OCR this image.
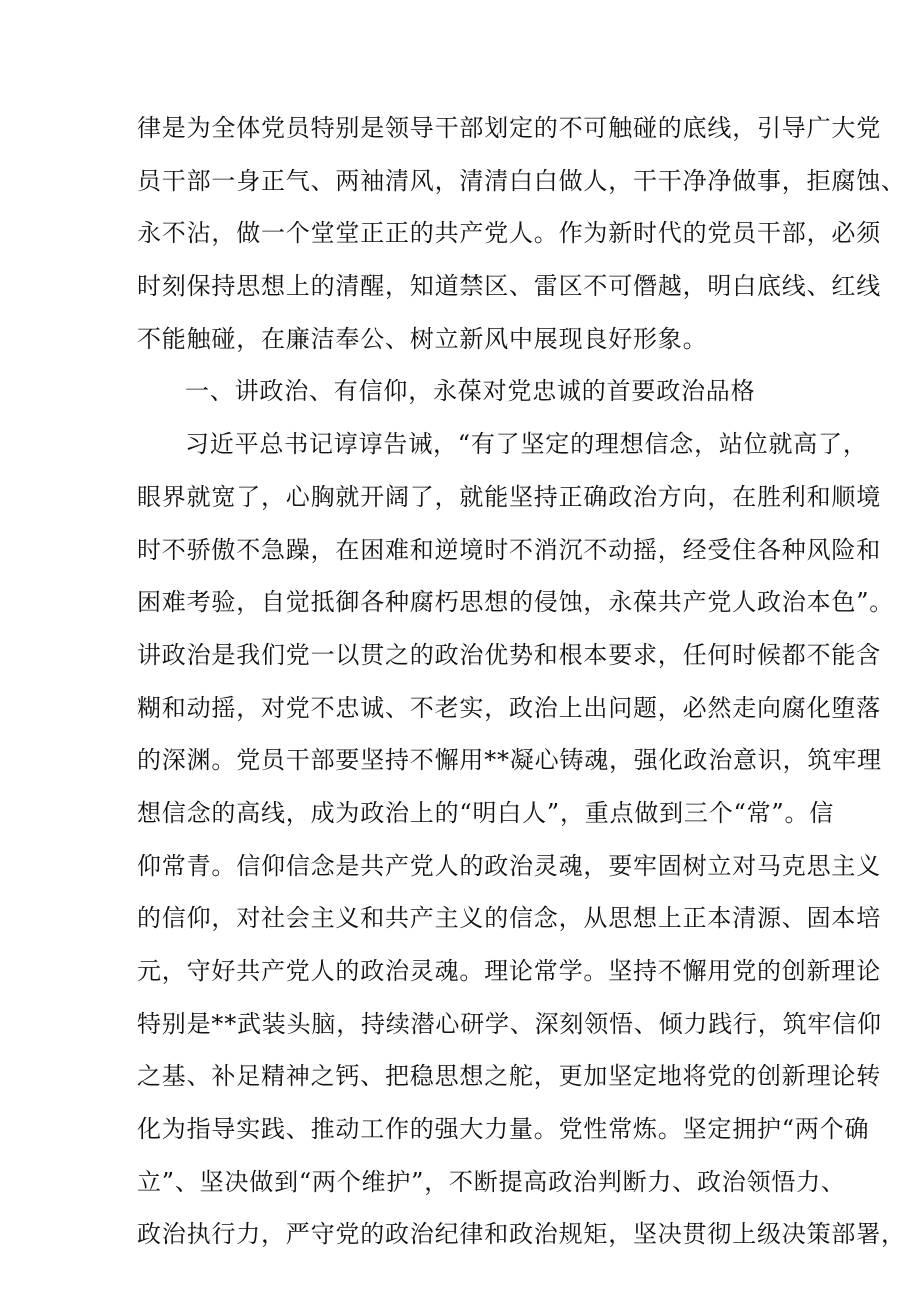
律是为全体党员特别是领导干部划定的不可触碰的底线，引导广大党

员干部一身正气、两袖清风，清清白白做人，干干净净做事，拒腐蚀、

永不沾，做一个堂堂正正的共产党人。作为新时代的党员干部，必须

时刻保持思想上的清醒，知道禁区、雷区不可僭越，明白底线、红线

不能触碰，在廉洁奉公、树立新风中展现良好形象。

一、讲政治、有信仰，永葆对党忠诚的首要政治品格

习近平总书记谆谆告诫，“有了坚定的理想信念，站位就高了，

眼界就宽了，心胸就开阔了，就能坚持正确政治方向，在胜利和顺境

时不骄傲不急躁，在困难和逆境时不消沉不动摇，经受住各种风险和

困难考验，自觉抵御各种腐朽思想的侵蚀，永葆共产党人政治本色”。

讲政治是我们党一以贯之的政治优势和根本要求，任何时候都不能含

糊和动摇，对党不忠诚、不老实，政治上出问题，必然走向腐化堕落

的深渊。党员干部要坚持不懈用**凝心铸魂，强化政治意识，筑牢理

想信念的高线，成为政治上的“明白人”，重点做到三个“常”。信

仰常青。信仰信念是共产党人的政治灵魂，要牢固树立对马克思主义

的信仰，对社会主义和共产主义的信念，从思想上正本清源、固本培

元，守好共产党人的政治灵魂。理论常学。坚持不懈用党的创新理论

特别是**武装头脑，持续潜心研学、深刻领悟、倾力践行，筑牢信仰

之基、补足精神之钙、把稳思想之舵，更加坚定地将党的创新理论转

化为指导实践、推动工作的强大力量。党性常炼。坚定拥护“两个确

立”、坚决做到“两个维护”，不断提高政治判断力、政治领悟力、

政治执行力，严守党的政治纪律和政治规矩，坚决贯彻上级决策部署，
